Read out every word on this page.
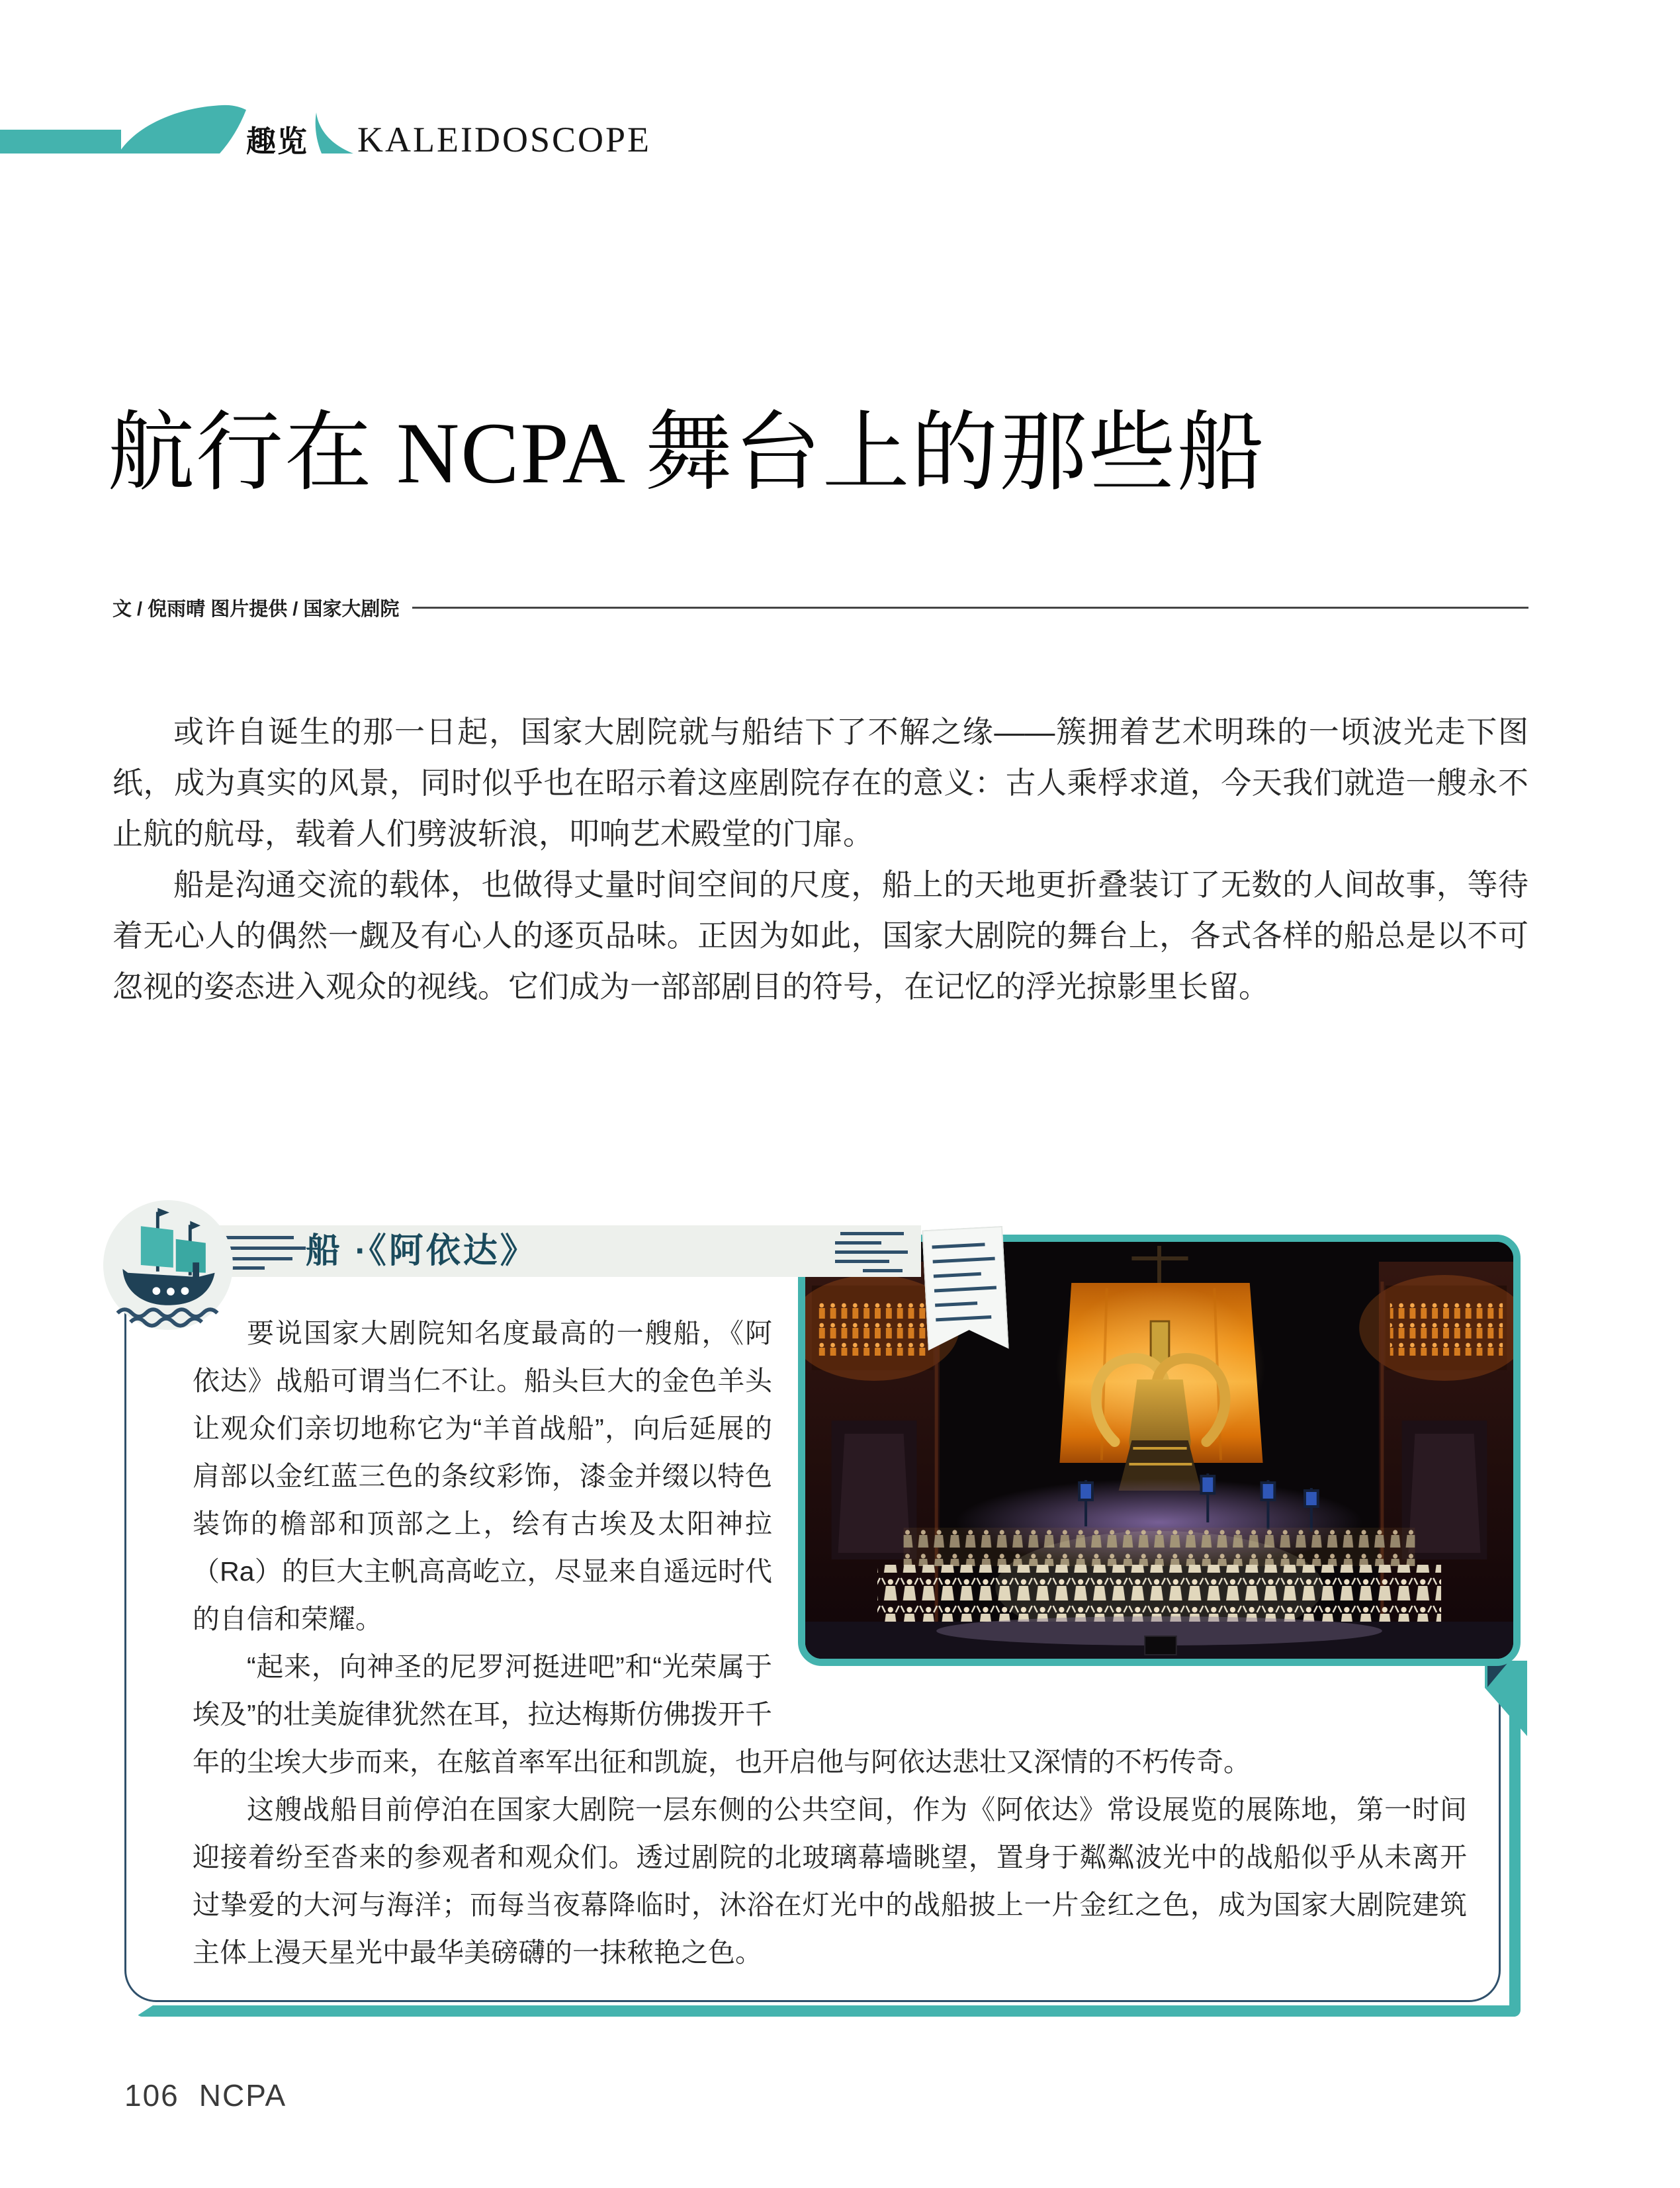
趣览 KALEIDOSCOPE
航行在 NCPA 舞台上的那些船
文 / 倪雨晴 图片提供 / 国家大剧院

或许自诞生的那一日起，国家大剧院就与船结下了不解之缘——簇拥着艺术明珠的一顷波光走下图纸，成为真实的风景，同时似乎也在昭示着这座剧院存在的意义：古人乘桴求道，今天我们就造一艘永不止航的航母，载着人们劈波斩浪，叩响艺术殿堂的门扉。

船是沟通交流的载体，也做得丈量时间空间的尺度，船上的天地更折叠装订了无数的人间故事，等待着无心人的偶然一觑及有心人的逐页品味。正因为如此，国家大剧院的舞台上，各式各样的船总是以不可忽视的姿态进入观众的视线。它们成为一部部剧目的符号，在记忆的浮光掠影里长留。

要说国家大剧院知名度最高的一艘船，《阿依达》战船可谓当仁不让。船头巨大的金色羊头让观众们亲切地称它为“羊首战船”，向后延展的肩部以金红蓝三色的条纹彩饰，漆金并缀以特色装饰的檐部和顶部之上，绘有古埃及太阳神拉（Ra）的巨大主帆高高屹立，尽显来自遥远时代的自信和荣耀。

“起来，向神圣的尼罗河挺进吧”和“光荣属于埃及”的壮美旋律犹然在耳，拉达梅斯仿佛拨开千年的尘埃大步而来，在舷首率军出征和凯旋，也开启他与阿依达悲壮又深情的不朽传奇。

这艘战船目前停泊在国家大剧院一层东侧的公共空间，作为《阿依达》常设展览的展陈地，第一时间迎接着纷至沓来的参观者和观众们。透过剧院的北玻璃幕墙眺望，置身于粼粼波光中的战船似乎从未离开过挚爱的大河与海洋；而每当夜幕降临时，沐浴在灯光中的战船披上一片金红之色，成为国家大剧院建筑主体上漫天星光中最华美磅礴的一抹秾艳之色。

船 ·《阿依达》
106 NCPA
